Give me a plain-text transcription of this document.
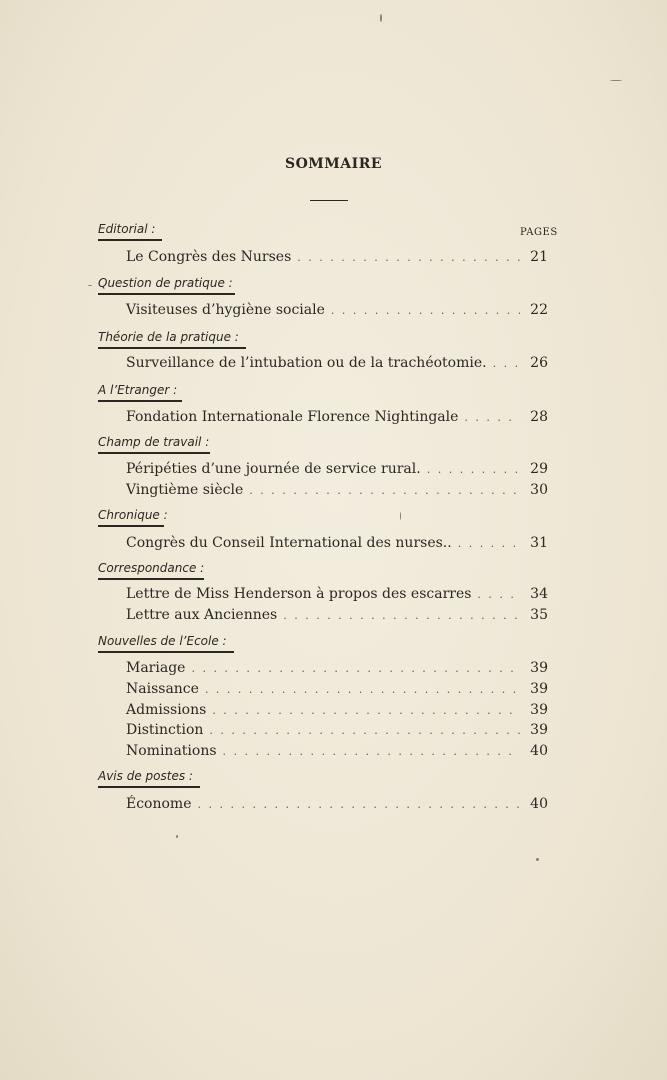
SOMMAIRE
PAGES
Editorial :
Le Congrès des Nurses . . .	21
Question de pratique :
Visiteuses d’hygiène sociale . . .	22
Théorie de la pratique :
Surveillance de l’intubation ou de la trachéotomie. . . .	26
A l’Etranger :
Fondation Internationale Florence Nightingale . . .	28
Champ de travail :
Péripéties d’une journée de service rural. . . .	29
Vingtième siècle . . .	30
Chronique :
Congrès du Conseil International des nurses.. . . .	31
Correspondance :
Lettre de Miss Henderson à propos des escarres . . .	34
Lettre aux Anciennes . . .	35
Nouvelles de l’Ecole :
Mariage . . .	39
Naissance . . .	39
Admissions . . .	39
Distinction . . .	39
Nominations . . .	40
Avis de postes :
Économe . . .	40
